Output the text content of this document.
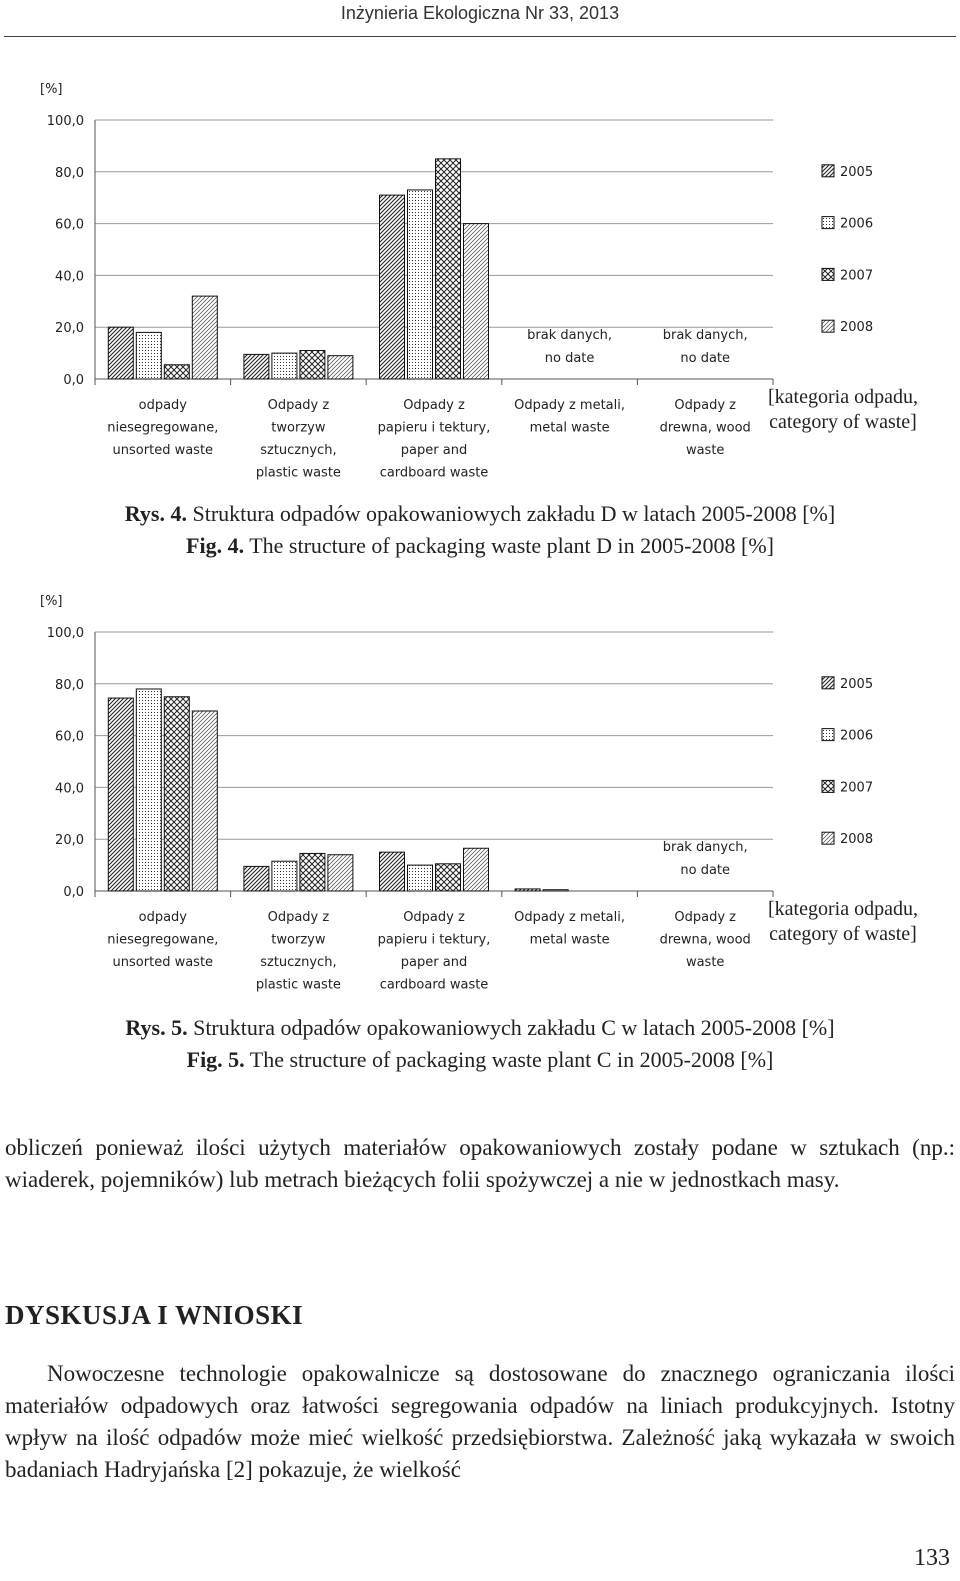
Inżynieria Ekologiczna Nr 33, 2013
[%]
100,0
80,0
60,0
40,0
20,0
0,0
odpady
niesegregowane,
unsorted waste
Odpady z
tworzyw
sztucznych,
plastic waste
Odpady z
papieru i tektury,
paper and
cardboard waste
Odpady z metali,
metal waste
Odpady z
drewna, wood
waste
brak danych,
no date
brak danych,
no date
2005
2006
2007
2008
[kategoria odpadu,
category of waste]
Rys. 4. Struktura odpadów opakowaniowych zakładu D w latach 2005-2008 [%]
Fig. 4. The structure of packaging waste plant D in 2005-2008 [%]
[%]
100,0
80,0
60,0
40,0
20,0
0,0
odpady
niesegregowane,
unsorted waste
Odpady z
tworzyw
sztucznych,
plastic waste
Odpady z
papieru i tektury,
paper and
cardboard waste
Odpady z metali,
metal waste
Odpady z
drewna, wood
waste
brak danych,
no date
2005
2006
2007
2008
[kategoria odpadu,
category of waste]
Rys. 5. Struktura odpadów opakowaniowych zakładu C w latach 2005-2008 [%]
Fig. 5. The structure of packaging waste plant C in 2005-2008 [%]
obliczeń ponieważ ilości użytych materiałów opakowaniowych zostały podane w sztukach (np.: wiaderek, pojemników) lub metrach bieżących folii spożywczej a nie w jednostkach masy.
DYSKUSJA I WNIOSKI
Nowoczesne technologie opakowalnicze są dostosowane do znacznego ograniczania ilości materiałów odpadowych oraz łatwości segregowania odpadów na liniach produkcyjnych. Istotny wpływ na ilość odpadów może mieć wielkość przedsiębiorstwa. Zależność jaką wykazała w swoich badaniach Hadryjańska [2] pokazuje, że wielkość
133
